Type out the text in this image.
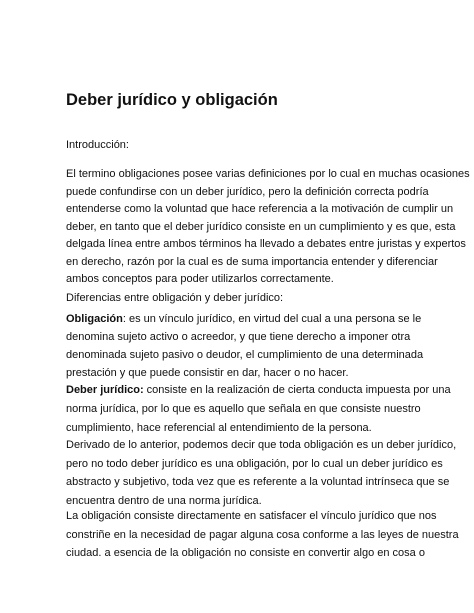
Deber jurídico y obligación

Introducción:

El termino obligaciones posee varias definiciones por lo cual en muchas ocasiones
puede confundirse con un deber jurídico, pero la definición correcta podría
entenderse como la voluntad que hace referencia a la motivación de cumplir un
deber, en tanto que el deber jurídico consiste en un cumplimiento y es que, esta
delgada línea entre ambos términos ha llevado a debates entre juristas y expertos
en derecho, razón por la cual es de suma importancia entender y diferenciar
ambos conceptos para poder utilizarlos correctamente.
Diferencias entre obligación y deber jurídico:
Obligación: es un vínculo jurídico, en virtud del cual a una persona se le
denomina sujeto activo o acreedor, y que tiene derecho a imponer otra
denominada sujeto pasivo o deudor, el cumplimiento de una determinada
prestación y que puede consistir en dar, hacer o no hacer.
Deber jurídico: consiste en la realización de cierta conducta impuesta por una
norma jurídica, por lo que es aquello que señala en que consiste nuestro
cumplimiento, hace referencial al entendimiento de la persona.
Derivado de lo anterior, podemos decir que toda obligación es un deber jurídico,
pero no todo deber jurídico es una obligación, por lo cual un deber jurídico es
abstracto y subjetivo, toda vez que es referente a la voluntad intrínseca que se
encuentra dentro de una norma jurídica.
La obligación consiste directamente en satisfacer el vínculo jurídico que nos
constriñe en la necesidad de pagar alguna cosa conforme a las leyes de nuestra
ciudad. a esencia de la obligación no consiste en convertir algo en cosa o
